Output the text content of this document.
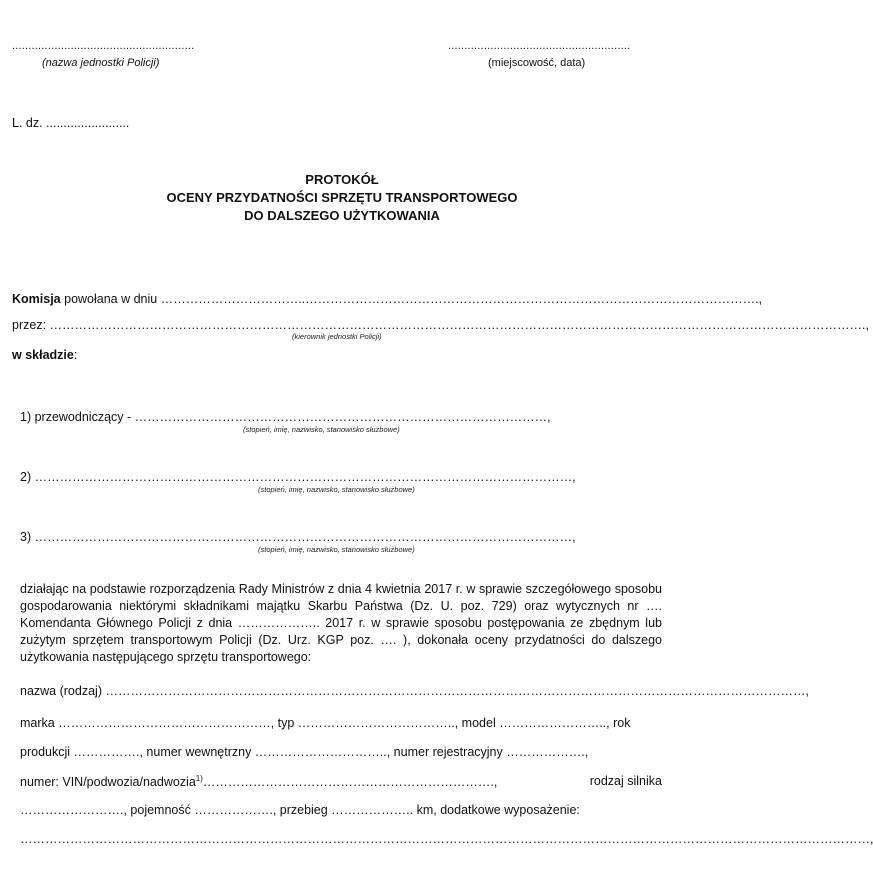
........................................................
(nazwa jednostki Policji)
........................................................
(miejscowość, data)
L. dz. ........................
PROTOKÓŁ
OCENY PRZYDATNOŚCI SPRZĘTU TRANSPORTOWEGO
DO DALSZEGO UŻYTKOWANIA
Komisja powołana w dniu ……………………………..……………………………………………………………………………………………….,
przez: …………………………………………………………………………………………………………………………………………………………………………….,
(kierownik jednostki Policji)
w składzie:
1) przewodniczący - ………………………………………………………………………………………,
(stopień, imię, nazwisko, stanowisko służbowe)
2) …………………………………………………………………………………………………………………,
(stopień, imię, nazwisko, stanowisko służbowe)
3) …………………………………………………………………………………………………………………,
(stopień, imię, nazwisko, stanowisko służbowe)
działając na podstawie rozporządzenia Rady Ministrów z dnia 4 kwietnia 2017 r. w sprawie szczegółowego sposobu gospodarowania niektórymi składnikami majątku Skarbu Państwa (Dz. U. poz. 729) oraz wytycznych nr …. Komendanta Głównego Policji z dnia ……………….. 2017 r. w sprawie sposobu postępowania ze zbędnym lub zużytym sprzętem transportowym Policji (Dz. Urz. KGP poz. …. ), dokonała oceny przydatności do dalszego użytkowania następującego sprzętu transportowego:
nazwa (rodzaj) ……………………………………………………………………………………………………………………………………………………,
marka ……………………………………………, typ ……………………………….., model …………………….., rok
produkcji ……………., numer wewnętrzny ………………………….., numer rejestracyjny ……………….,
numer: VIN/podwozia/nadwozia$^{1)}$…………………………………………………………….,	rodzaj silnika
……………………., pojemność ………………., przebieg ……………….. km, dodatkowe wyposażenie:
……………………………………………………………………………………………………………………………………………………………………………………,
